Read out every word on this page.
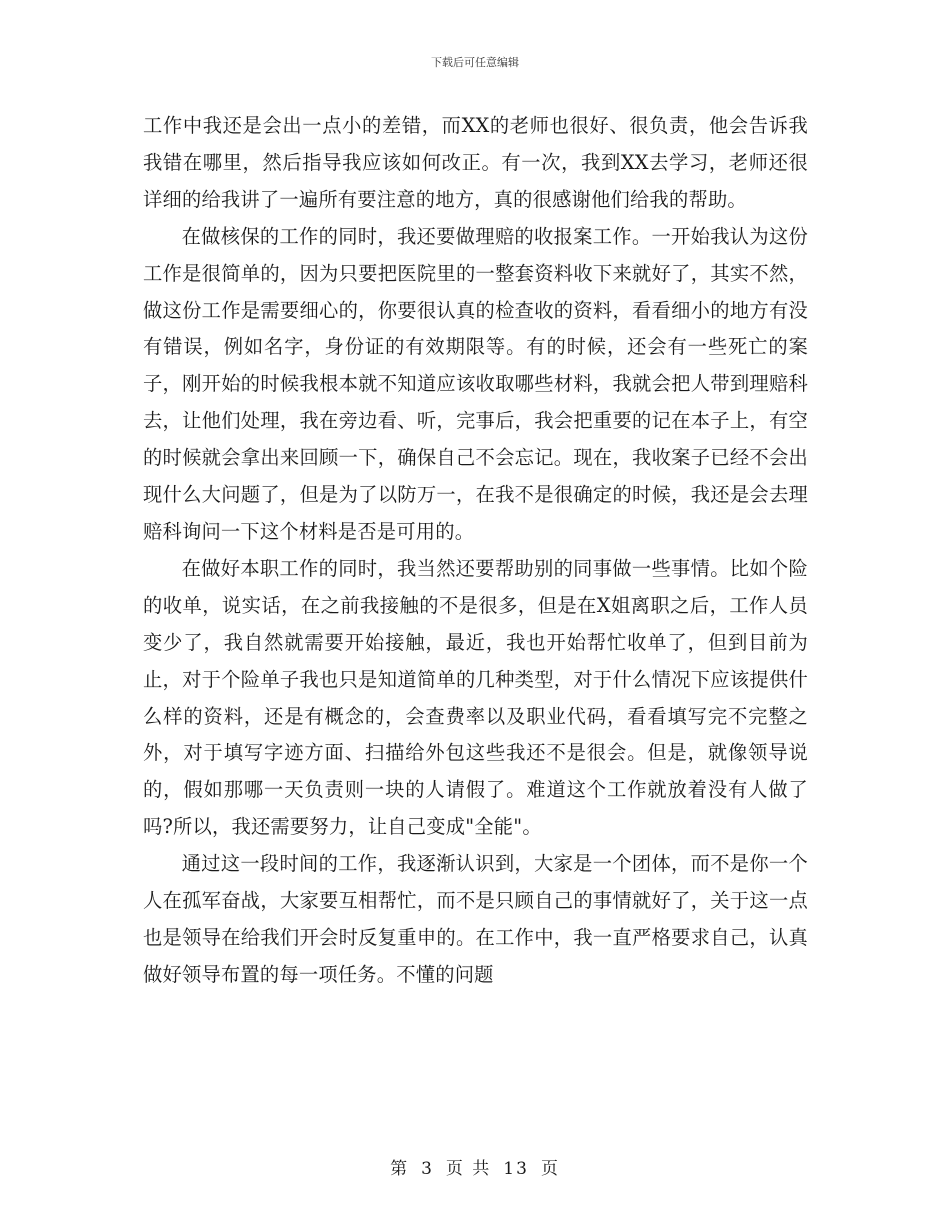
下载后可任意编辑

工作中我还是会出一点小的差错，而XX的老师也很好、很负责，他会告诉我我错在哪里，然后指导我应该如何改正。有一次，我到XX去学习，老师还很详细的给我讲了一遍所有要注意的地方，真的很感谢他们给我的帮助。

在做核保的工作的同时，我还要做理赔的收报案工作。一开始我认为这份工作是很简单的，因为只要把医院里的一整套资料收下来就好了，其实不然，做这份工作是需要细心的，你要很认真的检查收的资料，看看细小的地方有没有错误，例如名字，身份证的有效期限等。有的时候，还会有一些死亡的案子，刚开始的时候我根本就不知道应该收取哪些材料，我就会把人带到理赔科去，让他们处理，我在旁边看、听，完事后，我会把重要的记在本子上，有空的时候就会拿出来回顾一下，确保自己不会忘记。现在，我收案子已经不会出现什么大问题了，但是为了以防万一，在我不是很确定的时候，我还是会去理赔科询问一下这个材料是否是可用的。

在做好本职工作的同时，我当然还要帮助别的同事做一些事情。比如个险的收单，说实话，在之前我接触的不是很多，但是在X姐离职之后，工作人员变少了，我自然就需要开始接触，最近，我也开始帮忙收单了，但到目前为止，对于个险单子我也只是知道简单的几种类型，对于什么情况下应该提供什么样的资料，还是有概念的，会查费率以及职业代码，看看填写完不完整之外，对于填写字迹方面、扫描给外包这些我还不是很会。但是，就像领导说的，假如那哪一天负责则一块的人请假了。难道这个工作就放着没有人做了吗?所以，我还需要努力，让自己变成"全能"。

通过这一段时间的工作，我逐渐认识到，大家是一个团体，而不是你一个人在孤军奋战，大家要互相帮忙，而不是只顾自己的事情就好了，关于这一点也是领导在给我们开会时反复重申的。在工作中，我一直严格要求自己，认真做好领导布置的每一项任务。不懂的问题

第 3 页 共 13 页
